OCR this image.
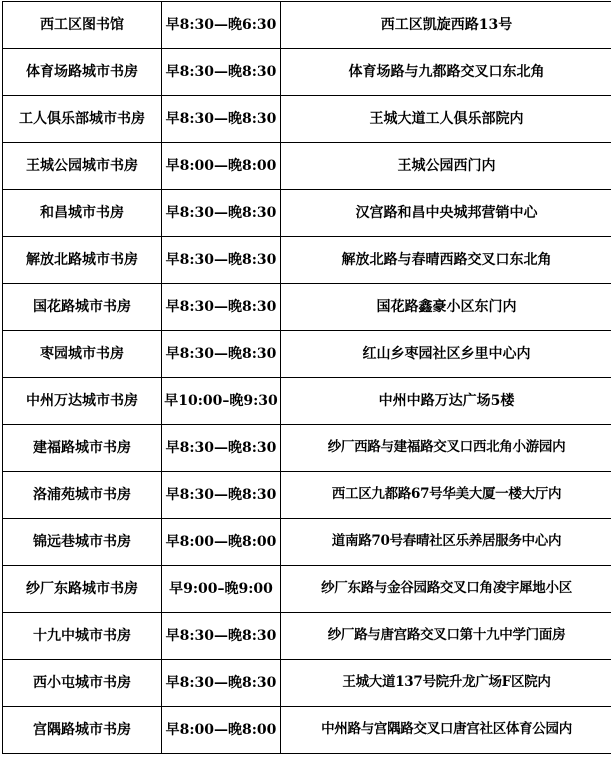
西工区图书馆	早8:30—晚6:30	西工区凯旋西路13号
体育场路城市书房	早8:30—晚8:30	体育场路与九都路交叉口东北角
工人俱乐部城市书房	早8:30—晚8:30	王城大道工人俱乐部院内
王城公园城市书房	早8:00—晚8:00	王城公园西门内
和昌城市书房	早8:30—晚8:30	汉宫路和昌中央城邦营销中心
解放北路城市书房	早8:30—晚8:30	解放北路与春晴西路交叉口东北角
国花路城市书房	早8:30—晚8:30	国花路鑫豪小区东门内
枣园城市书房	早8:30—晚8:30	红山乡枣园社区乡里中心内
中州万达城市书房	早10:00–晚9:30	中州中路万达广场5楼
建福路城市书房	早8:30—晚8:30	纱厂西路与建福路交叉口西北角小游园内
洛浦苑城市书房	早8:30—晚8:30	西工区九都路67号华美大厦一楼大厅内
锦远巷城市书房	早8:00—晚8:00	道南路70号春晴社区乐养居服务中心内
纱厂东路城市书房	早9:00–晚9:00	纱厂东路与金谷园路交叉口角凌宇犀地小区
十九中城市书房	早8:30—晚8:30	纱厂路与唐宫路交叉口第十九中学门面房
西小屯城市书房	早8:30—晚8:30	王城大道137号院升龙广场F区院内
宫隅路城市书房	早8:00—晚8:00	中州路与宫隅路交叉口唐宫社区体育公园内
